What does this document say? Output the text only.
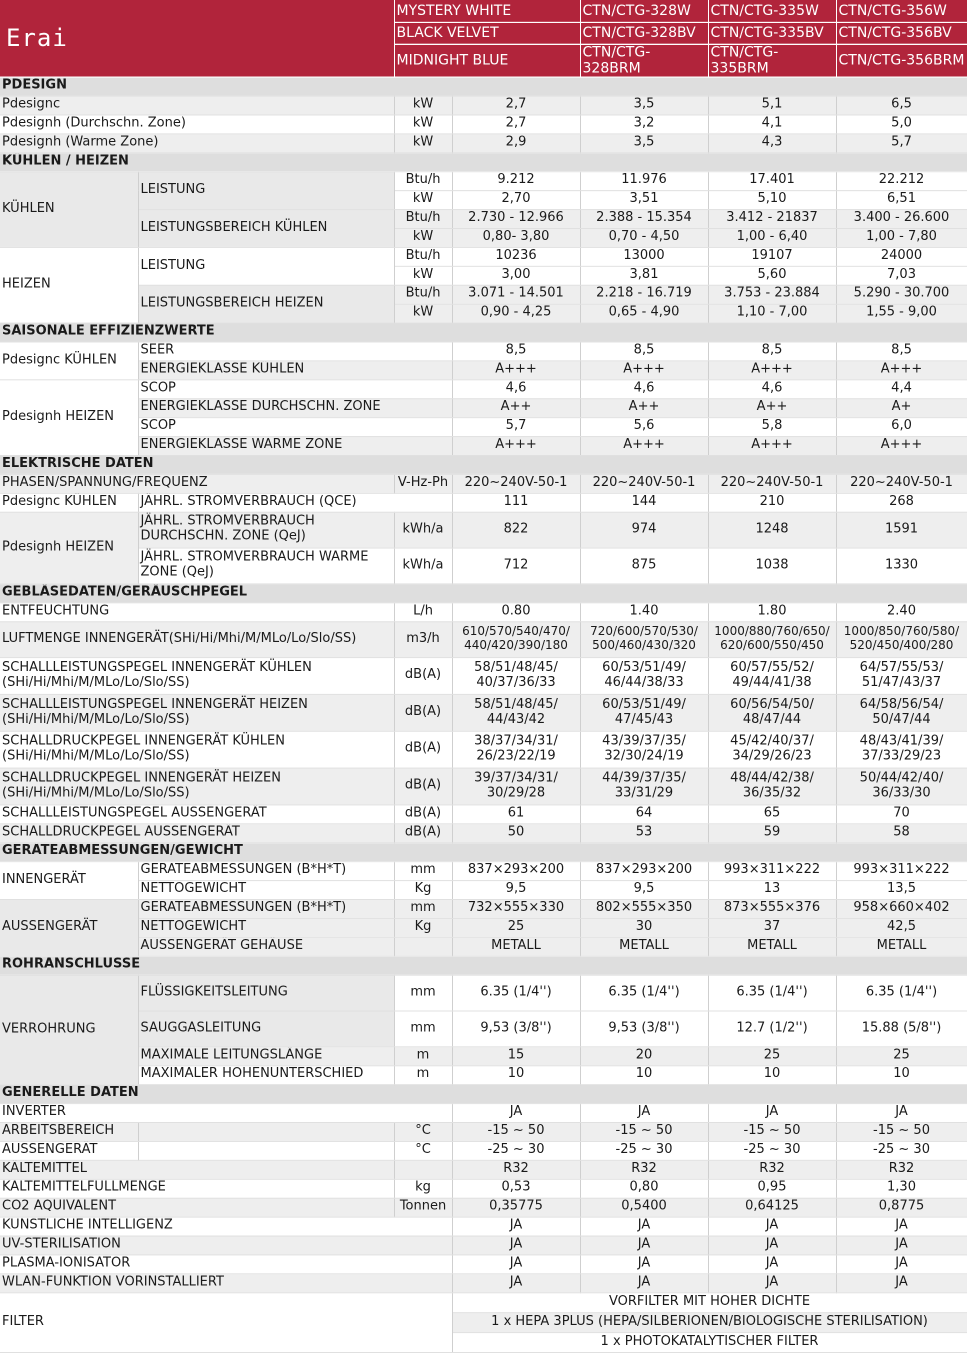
Erai		MYSTERY WHITE		CTN/CTG-328W	CTN/CTG-335W	CTN/CTG-356W
		BLACK VELVET		CTN/CTG-328BV	CTN/CTG-335BV	CTN/CTG-356BV
		MIDNIGHT BLUE		CTN/CTG-328BRM	CTN/CTG-335BRM	CTN/CTG-356BRM
PDESIGN						
Pdesignc		kW	2,7	3,5	5,1	6,5
Pdesignh (Durchschn. Zone)		kW	2,7	3,2	4,1	5,0
Pdesignh (Warme Zone)		kW	2,9	3,5	4,3	5,7
KÜHLEN / HEIZEN						
KÜHLEN	LEISTUNG	Btu/h	9.212	11.976	17.401	22.212
		kW	2,70	3,51	5,10	6,51
	LEISTUNGSBEREICH KÜHLEN	Btu/h	2.730 - 12.966	2.388 - 15.354	3.412 - 21837	3.400 - 26.600
		kW	0,80- 3,80	0,70 - 4,50	1,00 - 6,40	1,00 - 7,80
HEIZEN	LEISTUNG	Btu/h	10236	13000	19107	24000
		kW	3,00	3,81	5,60	7,03
	LEISTUNGSBEREICH HEIZEN	Btu/h	3.071 - 14.501	2.218 - 16.719	3.753 - 23.884	5.290 - 30.700
		kW	0,90 - 4,25	0,65 - 4,90	1,10 - 7,00	1,55 - 9,00
SAISONALE EFFIZIENZWERTE						
Pdesignc KÜHLEN	SEER		8,5	8,5	8,5	8,5
	ENERGIEKLASSE KÜHLEN		A+++	A+++	A+++	A+++
Pdesignh HEIZEN	SCOP		4,6	4,6	4,6	4,4
	ENERGIEKLASSE DURCHSCHN. ZONE		A++	A++	A++	A+
	SCOP		5,7	5,6	5,8	6,0
	ENERGIEKLASSE WARME ZONE		A+++	A+++	A+++	A+++
ELEKTRISCHE DATEN						
PHASEN/SPANNUNG/FREQUENZ		V-Hz-Ph	220~240V-50-1	220~240V-50-1	220~240V-50-1	220~240V-50-1
Pdesignc KÜHLEN	JÄHRL. STROMVERBRAUCH (QCE)		111	144	210	268
Pdesignh HEIZEN	JÄHRL. STROMVERBRAUCH DURCHSCHN. ZONE (QeJ)	kWh/a	822	974	1248	1591
	JÄHRL. STROMVERBRAUCH WARME ZONE (QeJ)	kWh/a	712	875	1038	1330
GEBLÄSEDATEN/GERÄUSCHPEGEL						
ENTFEUCHTUNG		L/h	0.80	1.40	1.80	2.40
LUFTMENGE INNENGERÄT(SHi/Hi/Mhi/M/MLo/Lo/Slo/SS)		m3/h	610/570/540/470/ 440/420/390/180	720/600/570/530/ 500/460/430/320	1000/880/760/650/ 620/600/550/450	1000/850/760/580/ 520/450/400/280
SCHALLLEISTUNGSPEGEL INNENGERÄT KÜHLEN (SHi/Hi/Mhi/M/MLo/Lo/Slo/SS)		dB(A)	58/51/48/45/ 40/37/36/33	60/53/51/49/ 46/44/38/33	60/57/55/52/ 49/44/41/38	64/57/55/53/ 51/47/43/37
SCHALLLEISTUNGSPEGEL INNENGERÄT HEIZEN (SHi/Hi/Mhi/M/MLo/Lo/Slo/SS)		dB(A)	58/51/48/45/ 44/43/42	60/53/51/49/ 47/45/43	60/56/54/50/ 48/47/44	64/58/56/54/ 50/47/44
SCHALLDRUCKPEGEL INNENGERÄT KÜHLEN (SHi/Hi/Mhi/M/MLo/Lo/Slo/SS)		dB(A)	38/37/34/31/ 26/23/22/19	43/39/37/35/ 32/30/24/19	45/42/40/37/ 34/29/26/23	48/43/41/39/ 37/33/29/23
SCHALLDRUCKPEGEL INNENGERÄT HEIZEN (SHi/Hi/Mhi/M/MLo/Lo/Slo/SS)		dB(A)	39/37/34/31/ 30/29/28	44/39/37/35/ 33/31/29	48/44/42/38/ 36/35/32	50/44/42/40/ 36/33/30
SCHALLLEISTUNGSPEGEL AUSSENGERÄT		dB(A)	61	64	65	70
SCHALLDRUCKPEGEL AUSSENGERÄT		dB(A)	50	53	59	58
GERÄTEABMESSUNGEN/GEWICHT						
INNENGERÄT	GERÄTEABMESSUNGEN (B*H*T)	mm	837×293×200	837×293×200	993×311×222	993×311×222
	NETTOGEWICHT	Kg	9,5	9,5	13	13,5
AUSSENGERÄT	GERÄTEABMESSUNGEN (B*H*T)	mm	732×555×330	802×555×350	873×555×376	958×660×402
	NETTOGEWICHT	Kg	25	30	37	42,5
	AUSSENGERÄT GEHÄUSE		METALL	METALL	METALL	METALL
ROHRANSCHLÜSSE						
VERROHRUNG	FLÜSSIGKEITSLEITUNG	mm	6.35 (1/4'')	6.35 (1/4'')	6.35 (1/4'')	6.35 (1/4'')
	SAUGGASLEITUNG	mm	9,53 (3/8'')	9,53 (3/8'')	12.7 (1/2'')	15.88 (5/8'')
	MAXIMALE LEITUNGSLÄNGE	m	15	20	25	25
	MAXIMALER HÖHENUNTERSCHIED	m	10	10	10	10
GENERELLE DATEN						
INVERTER			JA	JA	JA	JA
ARBEITSBEREICH		°C	-15 ~ 50	-15 ~ 50	-15 ~ 50	-15 ~ 50
AUSSENGERÄT		°C	-25 ~ 30	-25 ~ 30	-25 ~ 30	-25 ~ 30
KÄLTEMITTEL			R32	R32	R32	R32
KÄLTEMITTELFÜLLMENGE		kg	0,53	0,80	0,95	1,30
CO2 ÄQUIVALENT		Tonnen	0,35775	0,5400	0,64125	0,8775
KÜNSTLICHE INTELLIGENZ			JA	JA	JA	JA
UV-STERILISATION			JA	JA	JA	JA
PLASMA-IONISATOR			JA	JA	JA	JA
WLAN-FUNKTION VORINSTALLIERT			JA	JA	JA	JA
FILTER			VORFILTER MIT HOHER DICHTE			
			1 x HEPA 3PLUS (HEPA/SILBERIONEN/BIOLOGISCHE STERILISATION)			
			1 x PHOTOKATALYTISCHER FILTER			
